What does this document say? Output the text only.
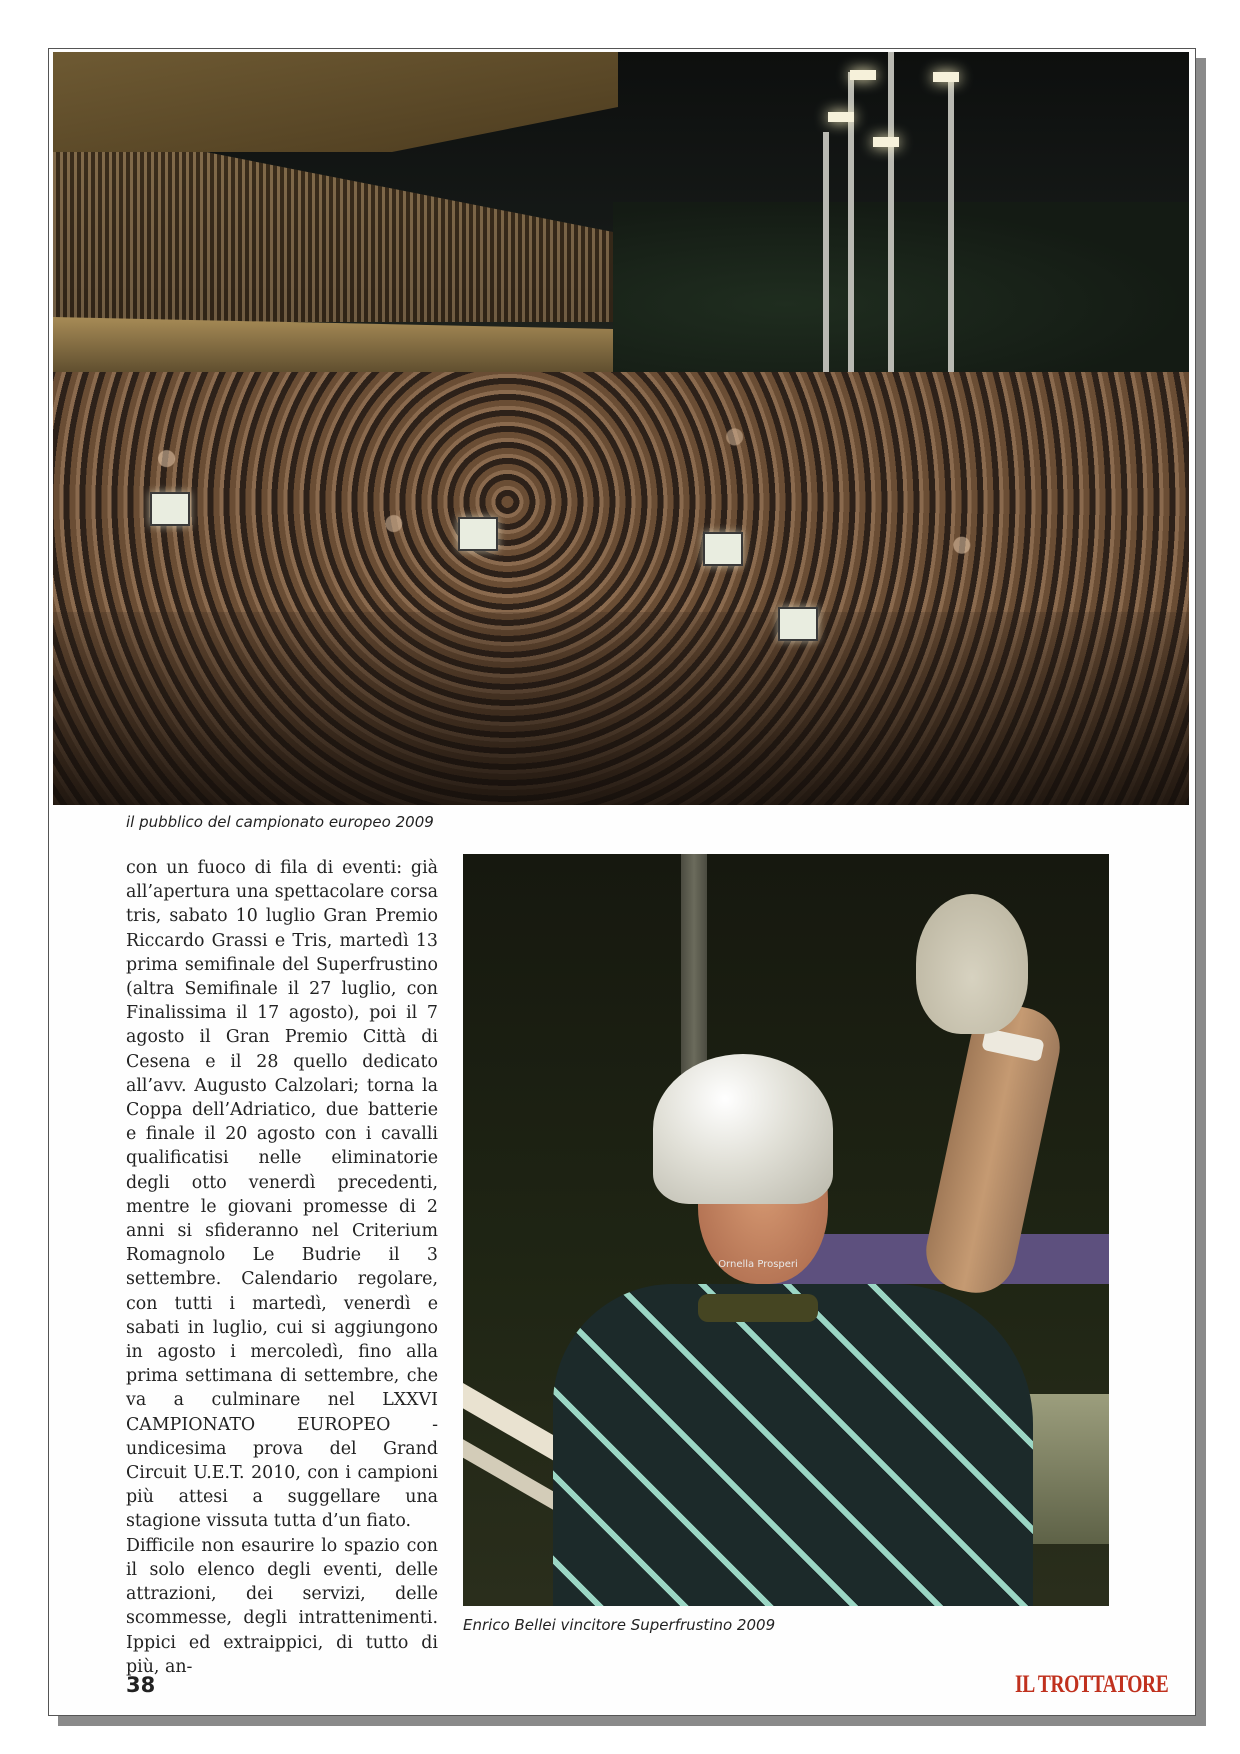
il pubblico del campionato europeo 2009

con un fuoco di fila di eventi: già all’apertura una spettacolare corsa tris, sabato 10 luglio Gran Premio Riccardo Grassi e Tris, martedì 13 prima semifinale del Superfrustino (altra Semifinale il 27 luglio, con Finalissima il 17 agosto), poi il 7 agosto il Gran Premio Città di Cesena e il 28 quello dedicato all’avv. Augusto Calzolari; torna la Coppa dell’Adriatico, due batterie e finale il 20 agosto con i cavalli qualificatisi nelle eliminatorie degli otto venerdì precedenti, mentre le giovani promesse di 2 anni si sfideranno nel Criterium Romagnolo Le Budrie il 3 settembre. Calendario regolare, con tutti i martedì, venerdì e sabati in luglio, cui si aggiungono in agosto i mercoledì, fino alla prima settimana di settembre, che va a culminare nel LXXVI CAMPIONATO EUROPEO - undicesima prova del Grand Circuit U.E.T. 2010, con i campioni più attesi a suggellare una stagione vissuta tutta d’un fiato.

Difficile non esaurire lo spazio con il solo elenco degli eventi, delle attrazioni, dei servizi, delle scommesse, degli intrattenimenti. Ippici ed extraippici, di tutto di più, an-

Ornella Prosperi
Enrico Bellei vincitore Superfrustino 2009
38	IL TROTTATORE
